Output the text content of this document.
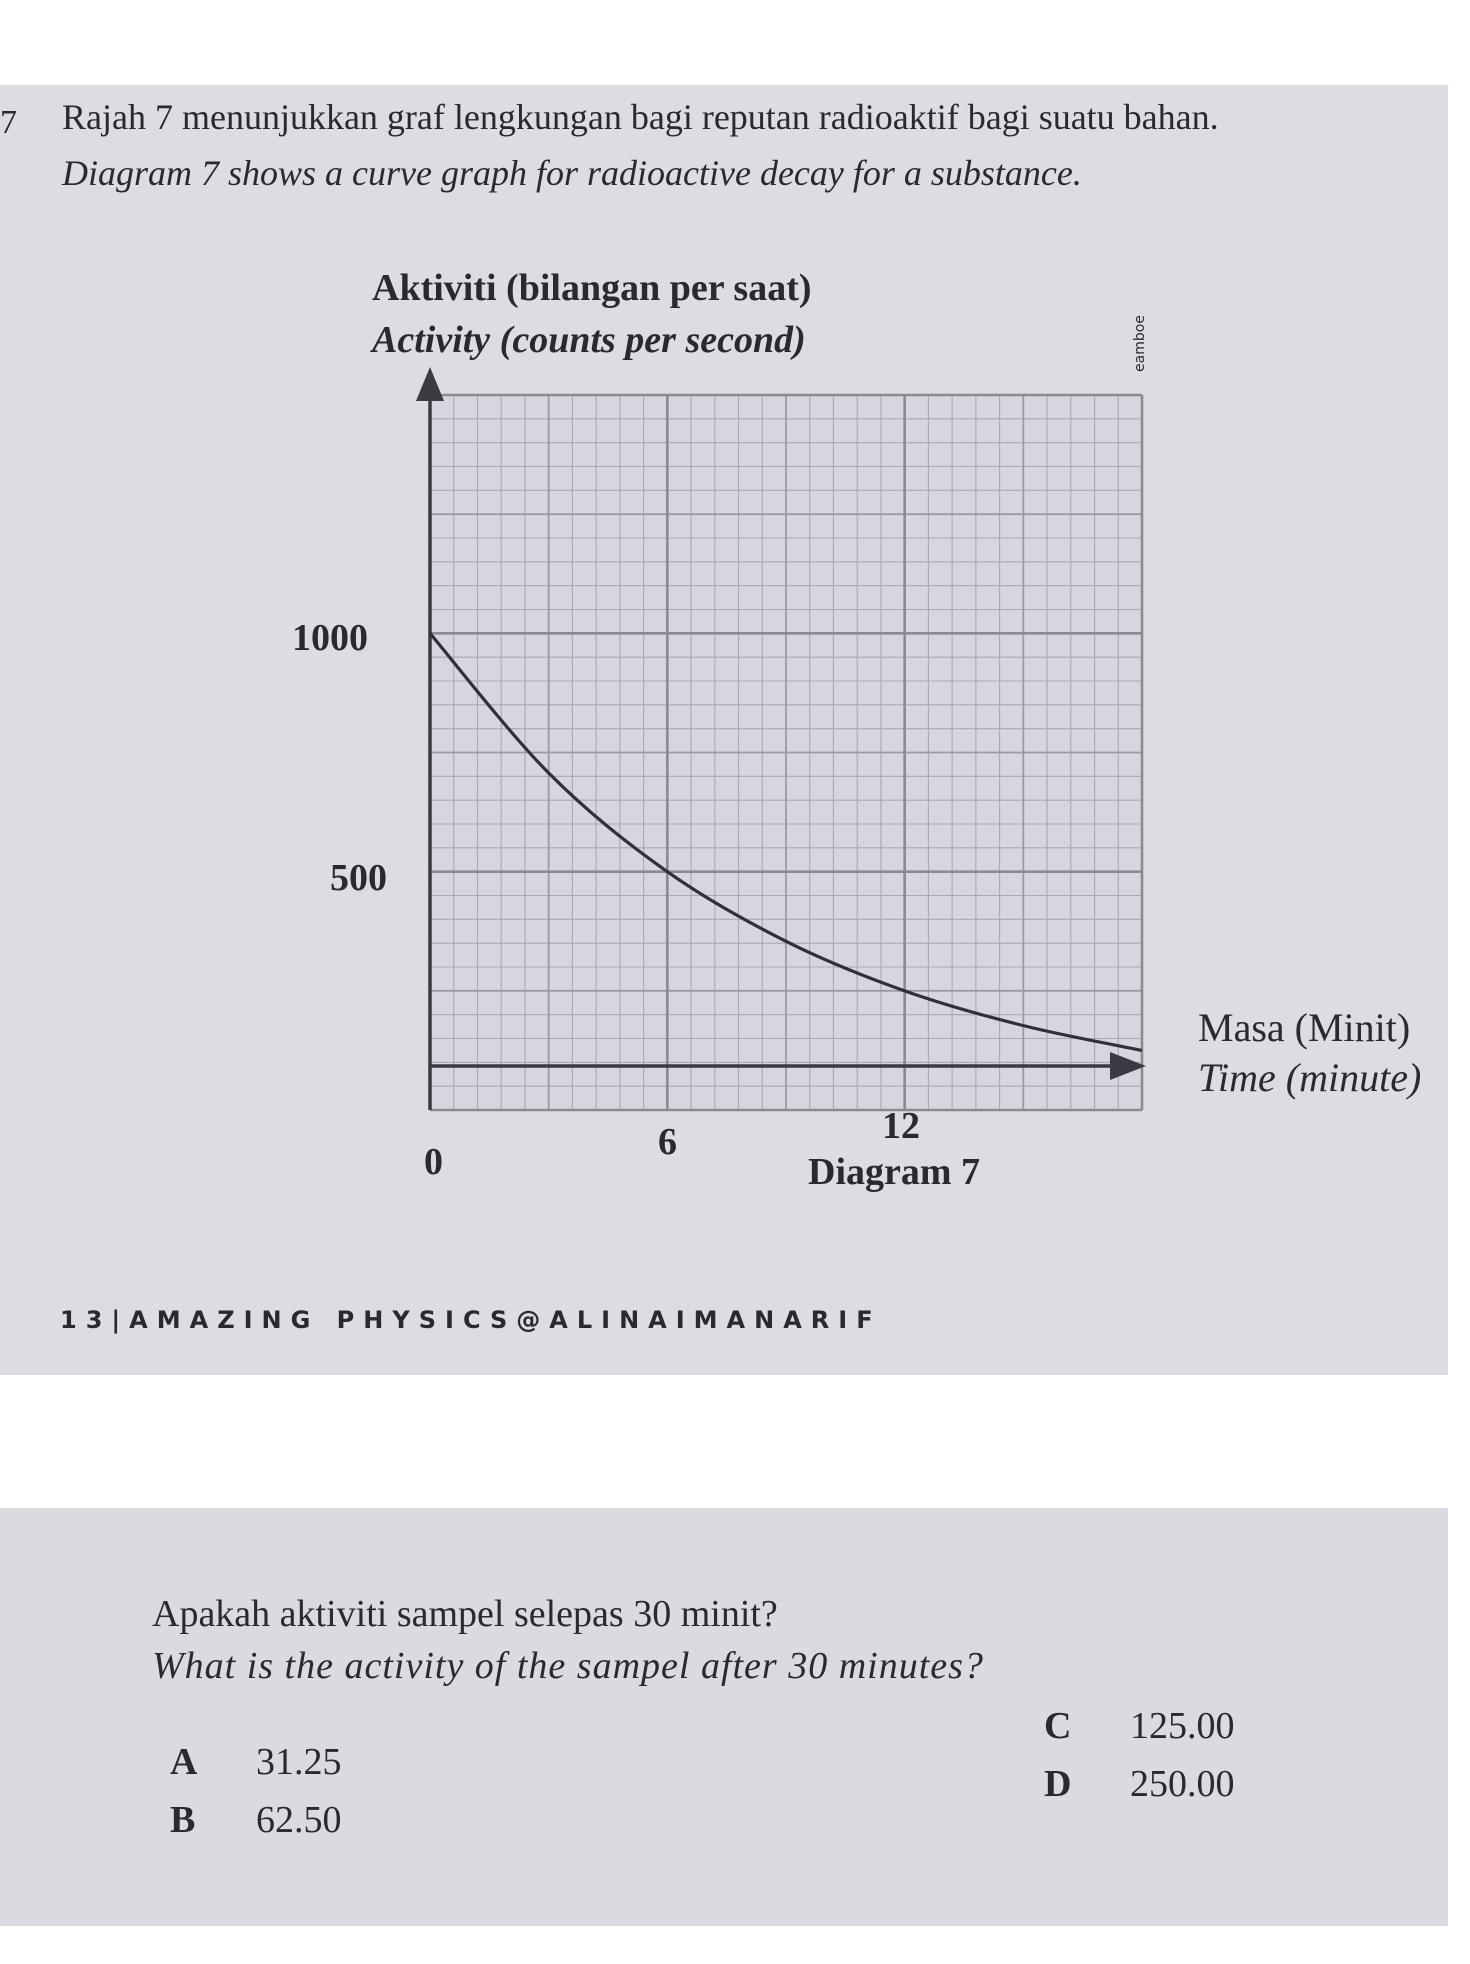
7 Rajah 7 menunjukkan graf lengkungan bagi reputan radioaktif bagi suatu bahan.
Diagram 7 shows a curve graph for radioactive decay for a substance.
Aktiviti (bilangan per saat)
Activity (counts per second)
1000
500
0	6	12
Masa (Minit)
Time (minute)
eamboe
Diagram 7
13|AMAZING PHYSICS@ALINAIMANARIF
Apakah aktiviti sampel selepas 30 minit?
What is the activity of the sampel after 30 minutes?
A 31.25
B 62.50
C 125.00
D 250.00
